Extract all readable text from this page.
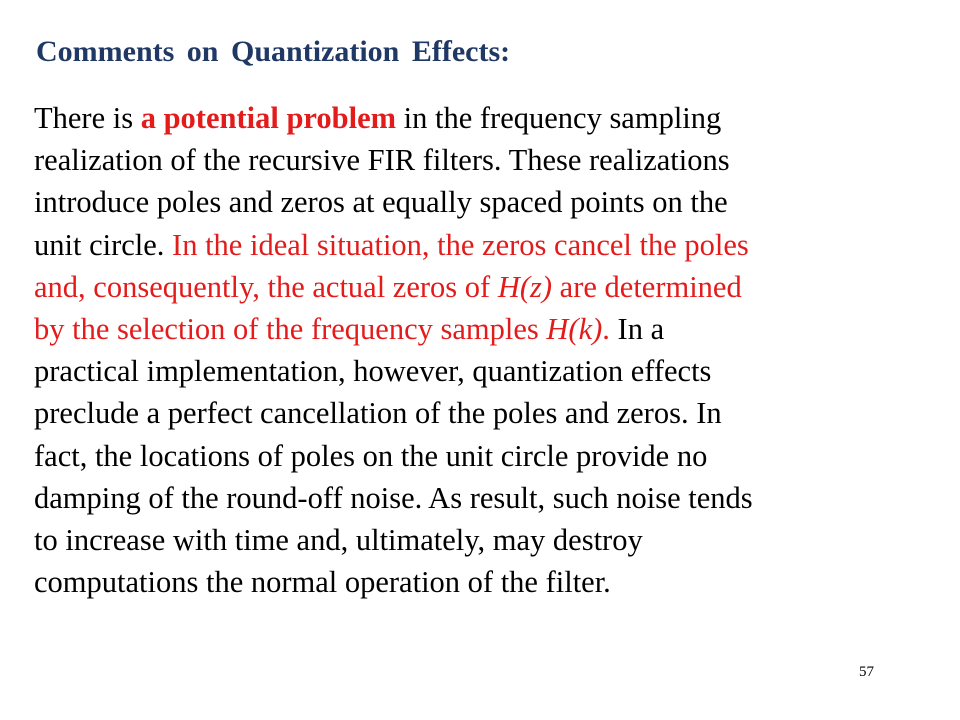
Comments on Quantization Effects:
There is a potential problem in the frequency sampling
realization of the recursive FIR filters. These realizations
introduce poles and zeros at equally spaced points on the
unit circle. In the ideal situation, the zeros cancel the poles
and, consequently, the actual zeros of H(z) are determined
by the selection of the frequency samples H(k). In a
practical implementation, however, quantization effects
preclude a perfect cancellation of the poles and zeros. In
fact, the locations of poles on the unit circle provide no
damping of the round-off noise. As result, such noise tends
to increase with time and, ultimately, may destroy
computations the normal operation of the filter.
57
